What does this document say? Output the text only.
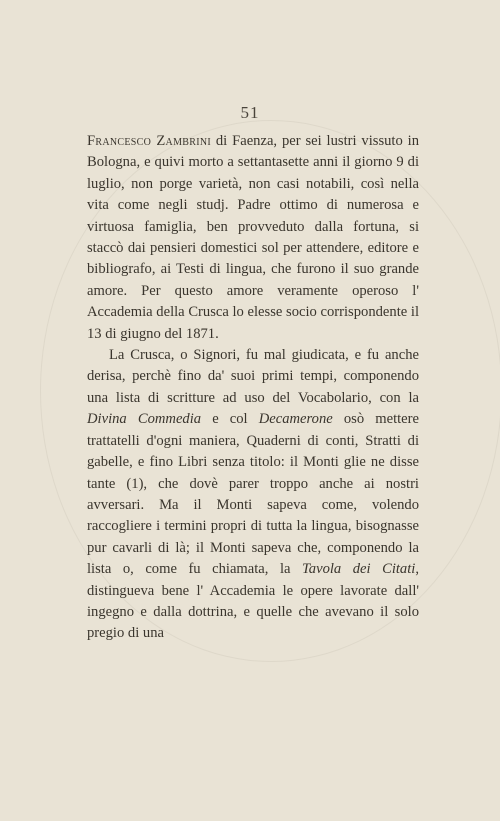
51

Francesco Zambrini di Faenza, per sei lustri vissuto in Bologna, e quivi morto a settantasette anni il giorno 9 di luglio, non porge varietà, non casi notabili, così nella vita come negli studj. Padre ottimo di numerosa e virtuosa famiglia, ben provveduto dalla fortuna, si staccò dai pensieri domestici sol per attendere, editore e bibliografo, ai Testi di lingua, che furono il suo grande amore. Per questo amore veramente operoso l' Accademia della Crusca lo elesse socio corrispondente il 13 di giugno del 1871.

La Crusca, o Signori, fu mal giudicata, e fu anche derisa, perchè fino da' suoi primi tempi, componendo una lista di scritture ad uso del Vocabolario, con la Divina Commedia e col Decamerone osò mettere trattatelli d'ogni maniera, Quaderni di conti, Stratti di gabelle, e fino Libri senza titolo: il Monti glie ne disse tante (1), che dovè parer troppo anche ai nostri avversari. Ma il Monti sapeva come, volendo raccogliere i termini propri di tutta la lingua, bisognasse pur cavarli di là; il Monti sapeva che, componendo la lista o, come fu chiamata, la Tavola dei Citati, distingueva bene l' Accademia le opere lavorate dall' ingegno e dalla dottrina, e quelle che avevano il solo pregio di una
